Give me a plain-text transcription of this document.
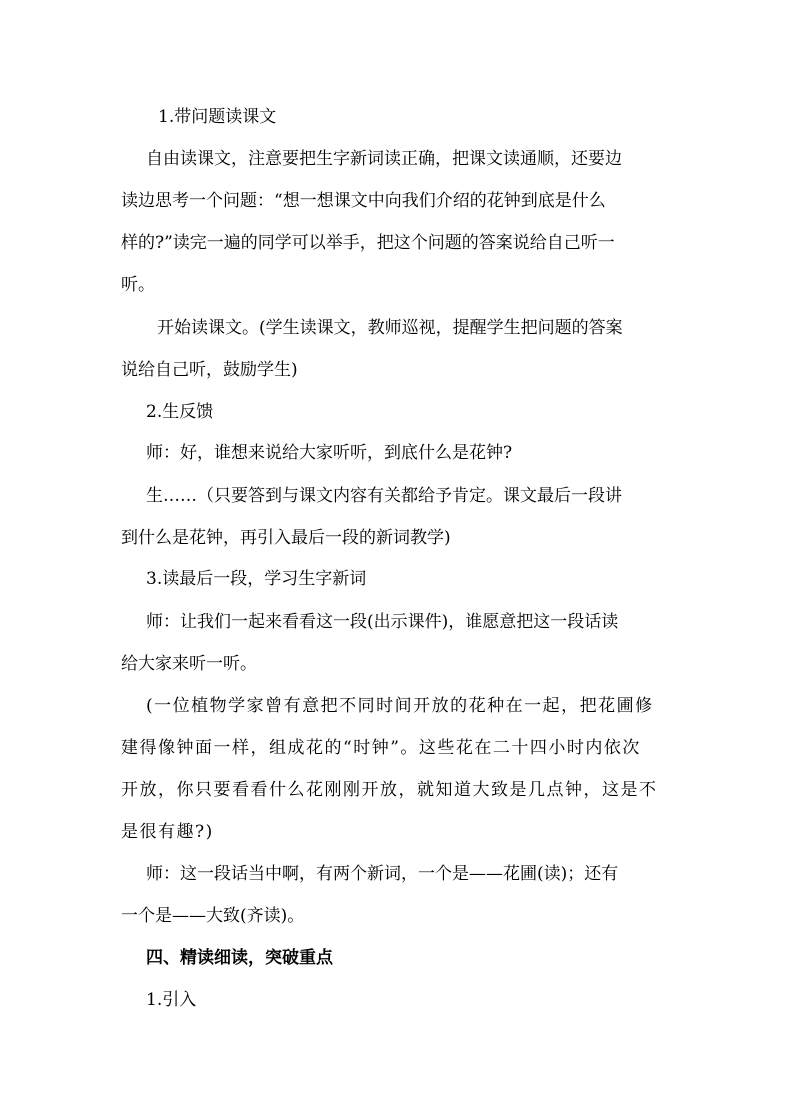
1.带问题读课文
自由读课文，注意要把生字新词读正确，把课文读通顺，还要边
读边思考一个问题：“想一想课文中向我们介绍的花钟到底是什么
样的?”读完一遍的同学可以举手，把这个问题的答案说给自己听一
听。
开始读课文。(学生读课文，教师巡视，提醒学生把问题的答案
说给自己听，鼓励学生)
2.生反馈
师：好，谁想来说给大家听听，到底什么是花钟?
生……（只要答到与课文内容有关都给予肯定。课文最后一段讲
到什么是花钟，再引入最后一段的新词教学)
3.读最后一段，学习生字新词
师：让我们一起来看看这一段(出示课件)，谁愿意把这一段话读
给大家来听一听。
(一位植物学家曾有意把不同时间开放的花种在一起，把花圃修
建得像钟面一样，组成花的“时钟”。这些花在二十四小时内依次
开放，你只要看看什么花刚刚开放，就知道大致是几点钟，这是不
是很有趣?)
师：这一段话当中啊，有两个新词，一个是——花圃(读)；还有
一个是——大致(齐读)。
四、精读细读，突破重点
1.引入
